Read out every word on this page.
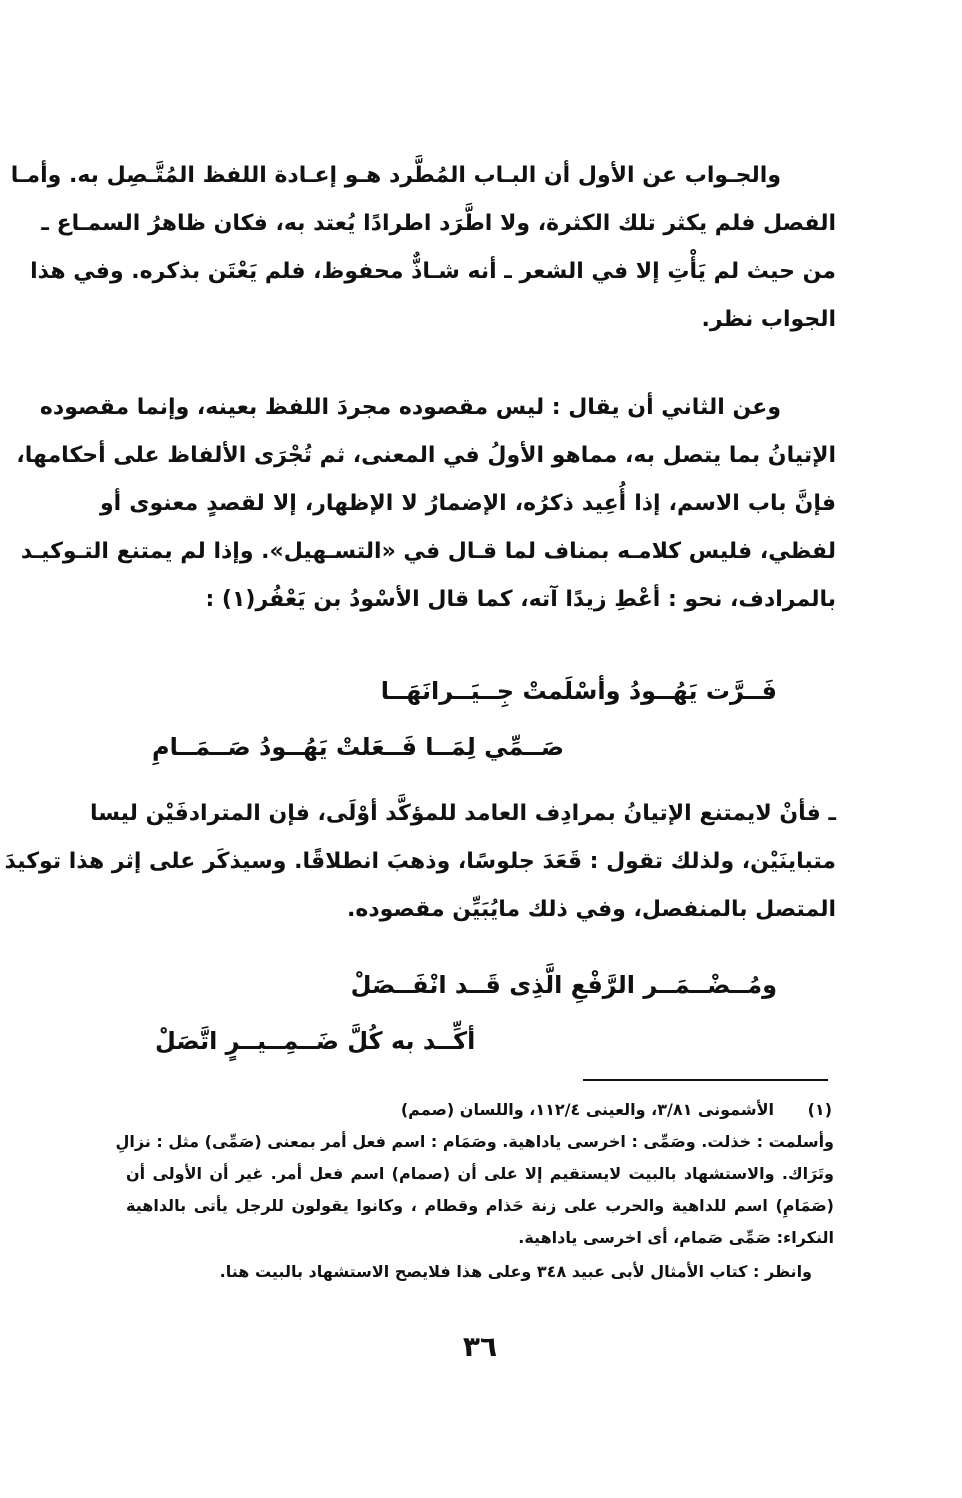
والجـواب عن الأول أن البـاب المُطَّرد هـو إعـادة اللفظ المُتَّـصِل به. وأمـا
الفصل فلم يكثر تلك الكثرة، ولا اطَّرَد اطرادًا يُعتد به، فكان ظاهرُ السمـاع ـ
من حيث لم يَأْتِ إلا في الشعر ـ أنه شـاذٌّ محفوظ، فلم يَعْتَن بذكره. وفي هذا
الجواب نظر.
وعن الثاني أن يقال : ليس مقصوده مجردَ اللفظ بعينه، وإنما مقصوده
الإتيانُ بما يتصل به، مماهو الأولُ في المعنى، ثم تُجْرَى الألفاظ على أحكامها،
فإنَّ باب الاسم، إذا أُعِيد ذكرُه، الإضمارُ لا الإظهار، إلا لقصدٍ معنوى أو
لفظي، فليس كلامـه بمناف لما قـال في «التسـهيل». وإذا لم يمتنع التـوكيـد
بالمرادف، نحو : أعْطِ زيدًا آته، كما قال الأسْودُ بن يَعْفُر(١) :
فَــرَّت يَهُــودُ وأسْلَمتْ جِــيَــرانَهَــا
صَــمِّي لِمَــا فَــعَلتْ يَهُــودُ صَــمَــامِ
ـ فأنْ لايمتنع الإتيانُ بمرادِف العامد للمؤكَّد أوْلَى، فإن المترادفَيْن ليسا
متباينَيْن، ولذلك تقول : قَعَدَ جلوسًا، وذهبَ انطلاقًا. وسيذكَر على إثر هذا توكيدَ
المتصل بالمنفصل، وفي ذلك مايُبَيِّن مقصوده.
ومُــضْــمَــر الرَّفْعِ الَّذِى قَــد انْفَــصَلْ
أكِّــد به كُلَّ ضَــمِــيــرٍ اتَّصَلْ
(١)
الأشمونى ٣/٨١، والعينى ١١٢/٤، واللسان (صمم)
وأسلمت : خذلت. وصَمِّى : اخرسى ياداهية. وصَمَام : اسم فعل أمر بمعنى (صَمِّى) مثل : نزالِ
وتَرَاك. والاستشهاد بالبيت لايستقيم إلا على أن (صمام) اسم فعل أمر. غير أن الأولى أن
(صَمَامِ) اسم للداهية والحرب على زنة حَذام وقطام ، وكانوا يقولون للرجل يأتى بالداهية
النكراء: صَمِّى صَمام، أى اخرسى ياداهية.
وانظر : كتاب الأمثال لأبى عبيد ٣٤٨ وعلى هذا فلايصح الاستشهاد بالبيت هنا.
٣٦
